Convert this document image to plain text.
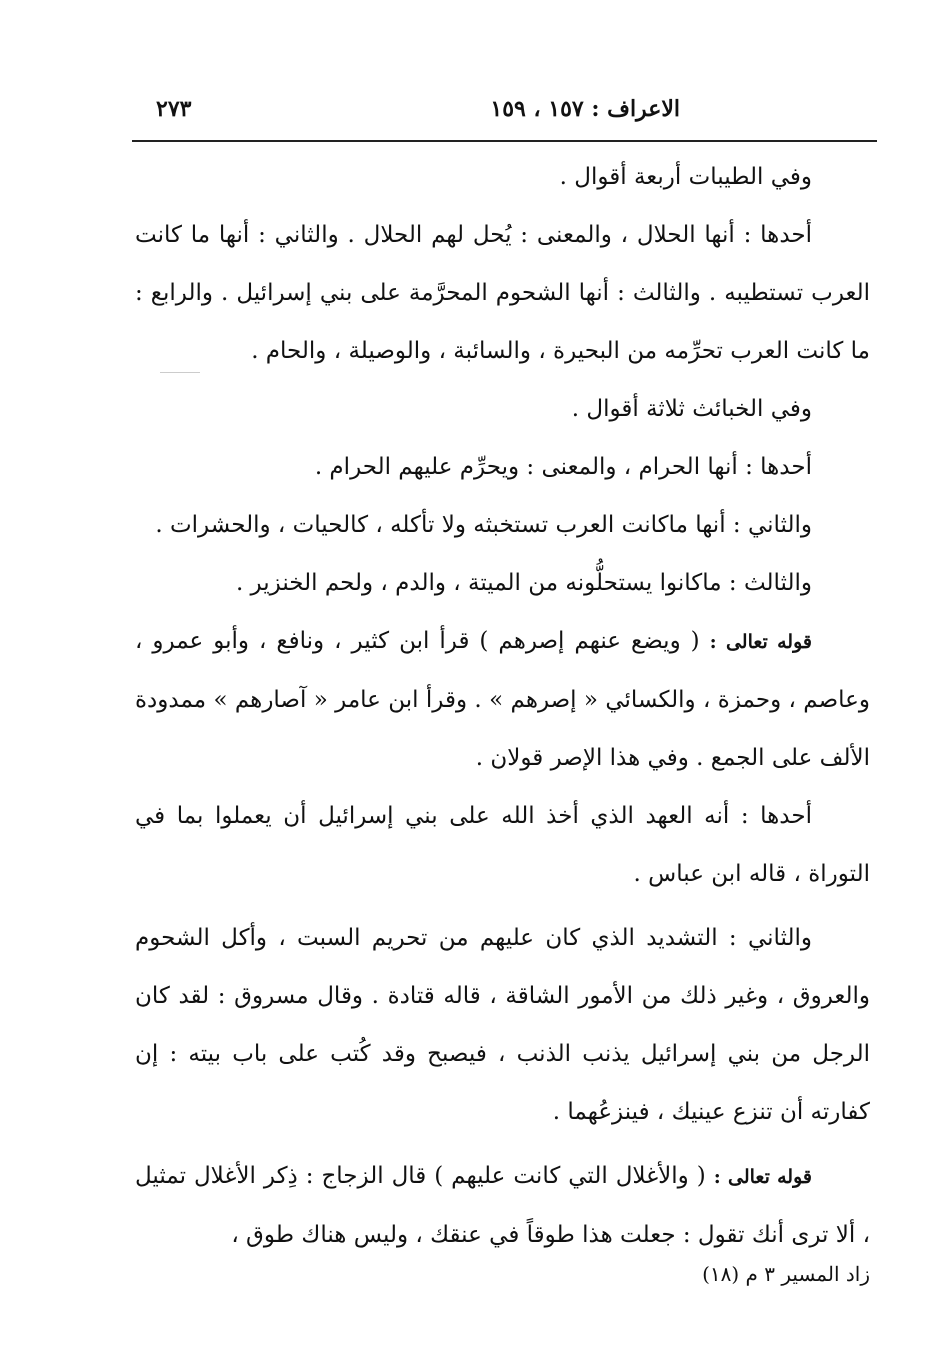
الاعراف : ١٥٧ ، ١٥٩
٢٧٣

وفي الطيبات أربعة أقوال .

أحدها : أنها الحلال ، والمعنى : يُحل لهم الحلال . والثاني : أنها ما كانت العرب تستطيبه . والثالث : أنها الشحوم المحرَّمة على بني إسرائيل . والرابع : ما كانت العرب تحرِّمه من البحيرة ، والسائبة ، والوصيلة ، والحام .

وفي الخبائث ثلاثة أقوال .

أحدها : أنها الحرام ، والمعنى : ويحرِّم عليهم الحرام .

والثاني : أنها ماكانت العرب تستخبثه ولا تأكله ، كالحيات ، والحشرات .

والثالث : ماكانوا يستحلُّونه من الميتة ، والدم ، ولحم الخنزير .

قوله تعالى : ( ويضع عنهم إصرهم ) قرأ ابن كثير ، ونافع ، وأبو عمرو ، وعاصم ، وحمزة ، والكسائي « إصرهم » . وقرأ ابن عامر « آصارهم » ممدودة الألف على الجمع . وفي هذا الإصر قولان .

أحدها : أنه العهد الذي أخذ الله على بني إسرائيل أن يعملوا بما في التوراة ، قاله ابن عباس .

والثاني : التشديد الذي كان عليهم من تحريم السبت ، وأكل الشحوم والعروق ، وغير ذلك من الأمور الشاقة ، قاله قتادة . وقال مسروق : لقد كان الرجل من بني إسرائيل يذنب الذنب ، فيصبح وقد كُتب على باب بيته : إن كفارته أن تنزع عينيك ، فينزعُهما .

قوله تعالى : ( والأغلال التي كانت عليهم ) قال الزجاج : ذِكر الأغلال تمثيل ، ألا ترى أنك تقول : جعلت هذا طوقاً في عنقك ، وليس هناك طوق ،

زاد المسير ٣ م (١٨)
